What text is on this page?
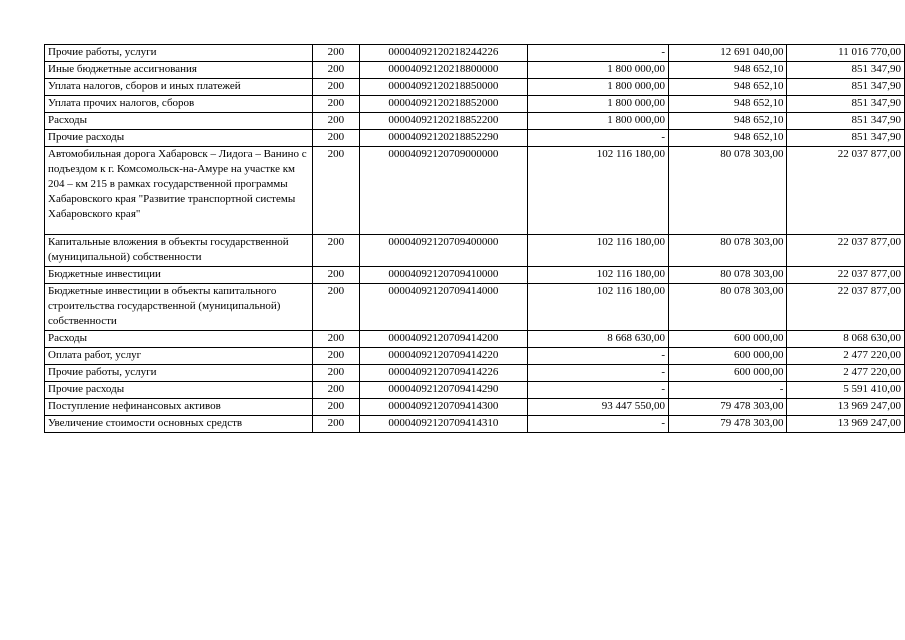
Прочие работы, услуги	200	00004092120218244226	-	12 691 040,00	11 016 770,00
Иные бюджетные ассигнования	200	00004092120218800000	1 800 000,00	948 652,10	851 347,90
Уплата налогов, сборов и иных платежей	200	00004092120218850000	1 800 000,00	948 652,10	851 347,90
Уплата прочих налогов, сборов	200	00004092120218852000	1 800 000,00	948 652,10	851 347,90
Расходы	200	00004092120218852200	1 800 000,00	948 652,10	851 347,90
Прочие расходы	200	00004092120218852290	-	948 652,10	851 347,90
Автомобильная дорога Хабаровск – Лидога – Ванино с подъездом к г. Комсомольск-на-Амуре на участке км 204 – км 215 в рамках государственной программы Хабаровского края "Развитие транспортной системы Хабаровского края"	200	00004092120709000000	102 116 180,00	80 078 303,00	22 037 877,00
Капитальные вложения в объекты государственной (муниципальной) собственности	200	00004092120709400000	102 116 180,00	80 078 303,00	22 037 877,00
Бюджетные инвестиции	200	00004092120709410000	102 116 180,00	80 078 303,00	22 037 877,00
Бюджетные инвестиции в объекты капитального строительства государственной (муниципальной) собственности	200	00004092120709414000	102 116 180,00	80 078 303,00	22 037 877,00
Расходы	200	00004092120709414200	8 668 630,00	600 000,00	8 068 630,00
Оплата работ, услуг	200	00004092120709414220	-	600 000,00	2 477 220,00
Прочие работы, услуги	200	00004092120709414226	-	600 000,00	2 477 220,00
Прочие расходы	200	00004092120709414290	-	-	5 591 410,00
Поступление нефинансовых активов	200	00004092120709414300	93 447 550,00	79 478 303,00	13 969 247,00
Увеличение стоимости основных средств	200	00004092120709414310	-	79 478 303,00	13 969 247,00
